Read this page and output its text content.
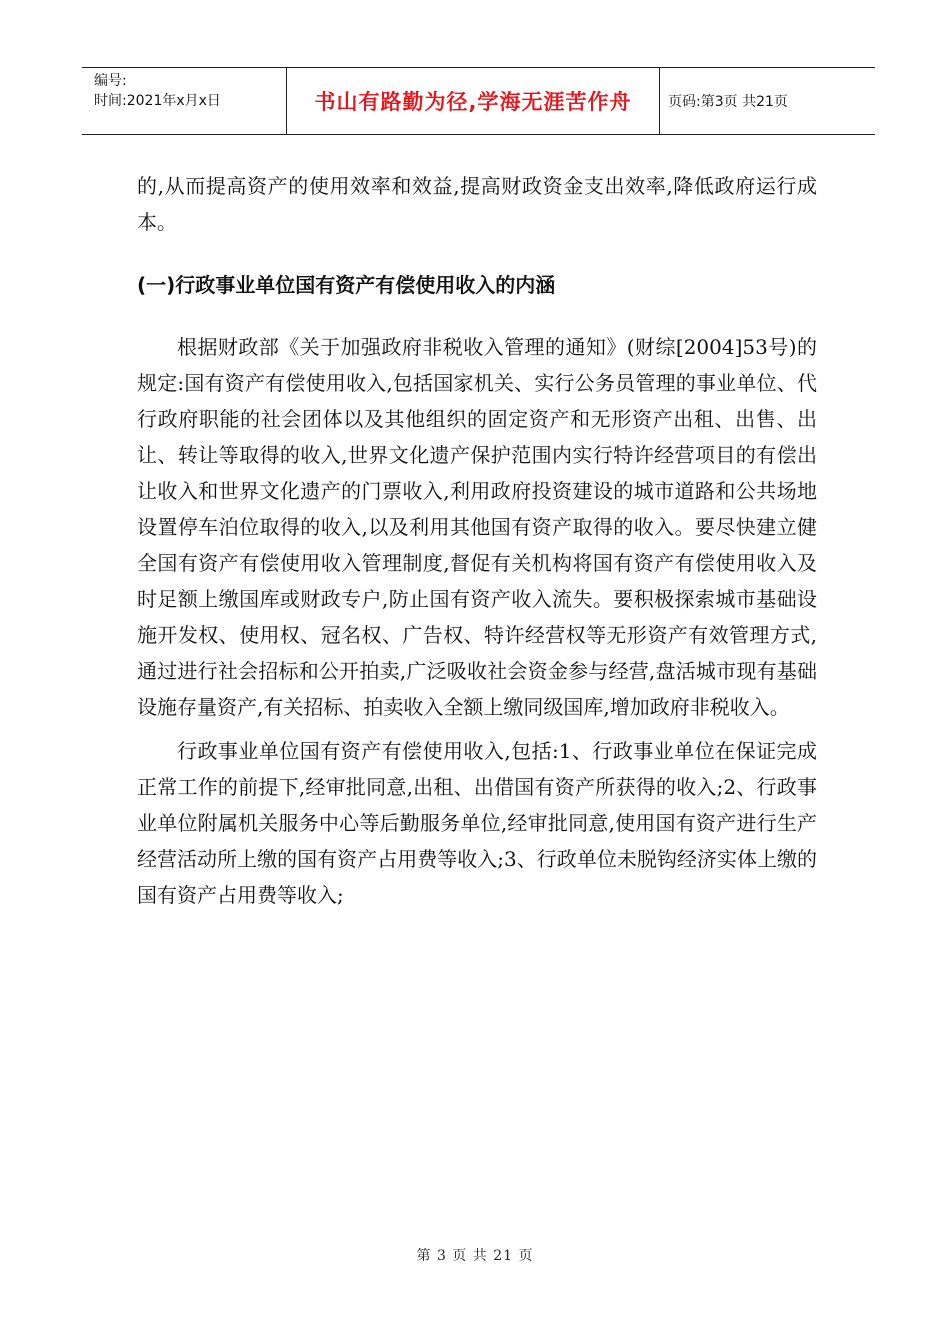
编号:
时间:2021年x月x日	书山有路勤为径,学海无涯苦作舟	页码:第3页 共21页

的,从而提高资产的使用效率和效益,提高财政资金支出效率,降低政府运行成本。

(一)行政事业单位国有资产有偿使用收入的内涵

根据财政部《关于加强政府非税收入管理的通知》(财综[2004]53号)的规定:国有资产有偿使用收入,包括国家机关、实行公务员管理的事业单位、代行政府职能的社会团体以及其他组织的固定资产和无形资产出租、出售、出让、转让等取得的收入,世界文化遗产保护范围内实行特许经营项目的有偿出让收入和世界文化遗产的门票收入,利用政府投资建设的城市道路和公共场地设置停车泊位取得的收入,以及利用其他国有资产取得的收入。要尽快建立健全国有资产有偿使用收入管理制度,督促有关机构将国有资产有偿使用收入及时足额上缴国库或财政专户,防止国有资产收入流失。要积极探索城市基础设施开发权、使用权、冠名权、广告权、特许经营权等无形资产有效管理方式,通过进行社会招标和公开拍卖,广泛吸收社会资金参与经营,盘活城市现有基础设施存量资产,有关招标、拍卖收入全额上缴同级国库,增加政府非税收入。

行政事业单位国有资产有偿使用收入,包括:1、行政事业单位在保证完成正常工作的前提下,经审批同意,出租、出借国有资产所获得的收入;2、行政事业单位附属机关服务中心等后勤服务单位,经审批同意,使用国有资产进行生产经营活动所上缴的国有资产占用费等收入;3、行政单位未脱钩经济实体上缴的国有资产占用费等收入;

第 3 页 共 21 页
